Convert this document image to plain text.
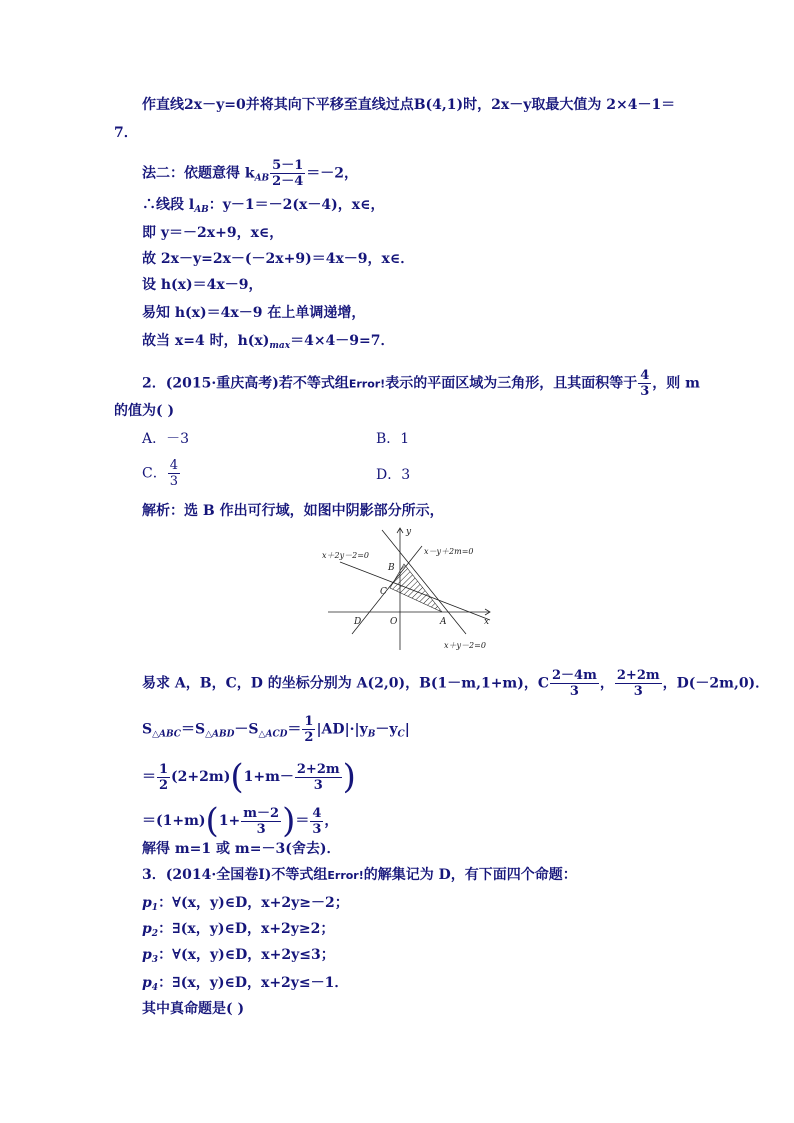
作直线2x－y=0并将其向下平移至直线过点B(4,1)时，2x－y取最大值为 2×4－1＝
7．
法二：依题意得 $k_{AB} \frac{5-1}{2-4} =-2$，
∴线段 $l_{AB}$：y－1＝－2(x－4)，x∈，
即 y＝－2x+9，x∈，
故 2x－y=2x－(－2x+9)＝4x－9，x∈．
设 h(x)＝4x－9，
易知 h(x)＝4x－9 在上单调递增，
故当 x=4 时，$h(x)_{max}=4\times 4-9=7$．
2．(2015·重庆高考)若不等式组Error!表示的平面区域为三角形，且其面积等于 $\frac{4}{3}$ ，则 m
的值为( )
A．－3	B．1
C． $\frac{4}{3}$	D．3
解析：选 B 作出可行域，如图中阴影部分所示，
x＋2y－2=0	x－y＋2m=0
x＋y－2=0
y
x
B
C
A
D	O
易求 A，B，C，D 的坐标分别为 A(2,0)，B(1－m,1+m)，C $\frac{2-4m}{3}$ ， $\frac{2+2m}{3}$ ，D(－2m,0)．
$S_{\triangle ABC}=S_{\triangle ABD}-S_{\triangle ACD}= \frac{1}{2} |AD|\cdot|y_B-y_C|$
＝ $\frac{1}{2} (2+2m)(1+m- \frac{2+2m}{3}$ )
$=(1+m)(1+ \frac{m-2}{3}$ )＝ $\frac{4}{3}$ ，
解得 m=1 或 m=－3(舍去)．
3．(2014·全国卷Ⅰ)不等式组Error!的解集记为 D，有下面四个命题：
$p_1$：∀(x，y)∈D，x+2y≥－2；
$p_2$：∃(x，y)∈D，x+2y≥2；
$p_3$：∀(x，y)∈D，x+2y≤3；
$p_4$：∃(x，y)∈D，x+2y≤－1．
其中真命题是( )
